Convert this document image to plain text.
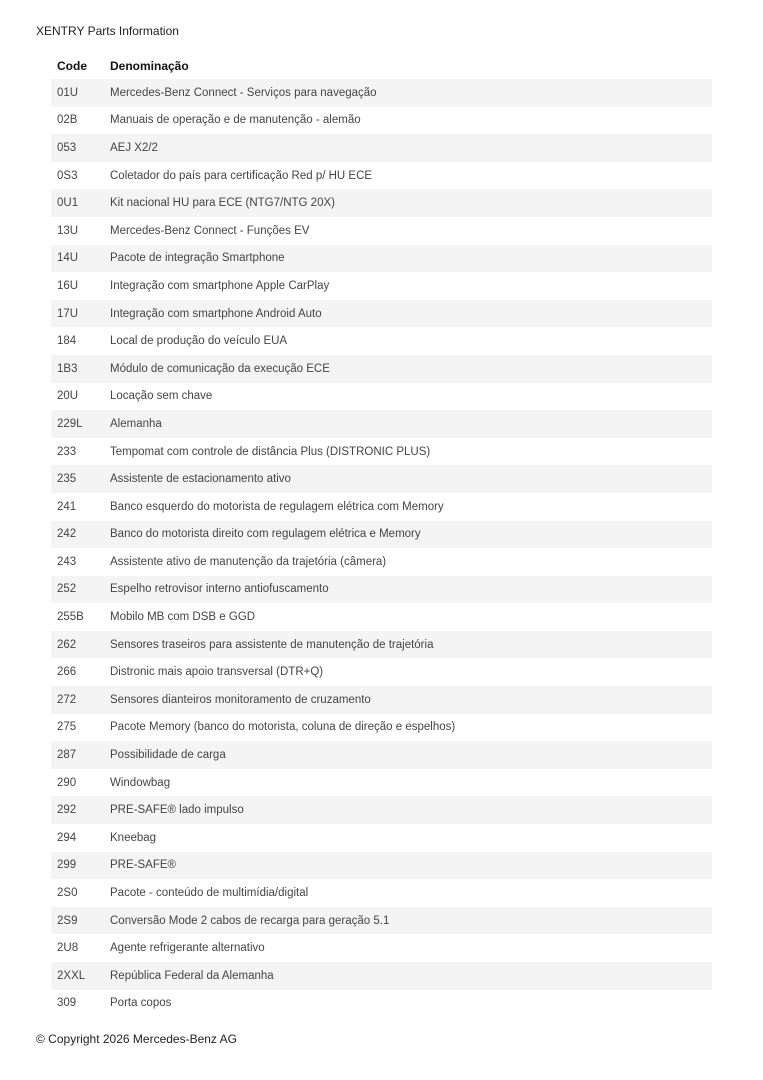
XENTRY Parts Information
Code	Denominação
01U	Mercedes-Benz Connect - Serviços para navegação
02B	Manuais de operação e de manutenção - alemão
053	AEJ X2/2
0S3	Coletador do país para certificação Red p/ HU ECE
0U1	Kit nacional HU para ECE (NTG7/NTG 20X)
13U	Mercedes-Benz Connect - Funções EV
14U	Pacote de integração Smartphone
16U	Integração com smartphone Apple CarPlay
17U	Integração com smartphone Android Auto
184	Local de produção do veículo EUA
1B3	Módulo de comunicação da execução ECE
20U	Locação sem chave
229L	Alemanha
233	Tempomat com controle de distância Plus (DISTRONIC PLUS)
235	Assistente de estacionamento ativo
241	Banco esquerdo do motorista de regulagem elétrica com Memory
242	Banco do motorista direito com regulagem elétrica e Memory
243	Assistente ativo de manutenção da trajetória (câmera)
252	Espelho retrovisor interno antiofuscamento
255B	Mobilo MB com DSB e GGD
262	Sensores traseiros para assistente de manutenção de trajetória
266	Distronic mais apoio transversal (DTR+Q)
272	Sensores dianteiros monitoramento de cruzamento
275	Pacote Memory (banco do motorista, coluna de direção e espelhos)
287	Possibilidade de carga
290	Windowbag
292	PRE-SAFE® lado impulso
294	Kneebag
299	PRE-SAFE®
2S0	Pacote - conteúdo de multimídia/digital
2S9	Conversão Mode 2 cabos de recarga para geração 5.1
2U8	Agente refrigerante alternativo
2XXL	República Federal da Alemanha
309	Porta copos
© Copyright 2026 Mercedes-Benz AG
